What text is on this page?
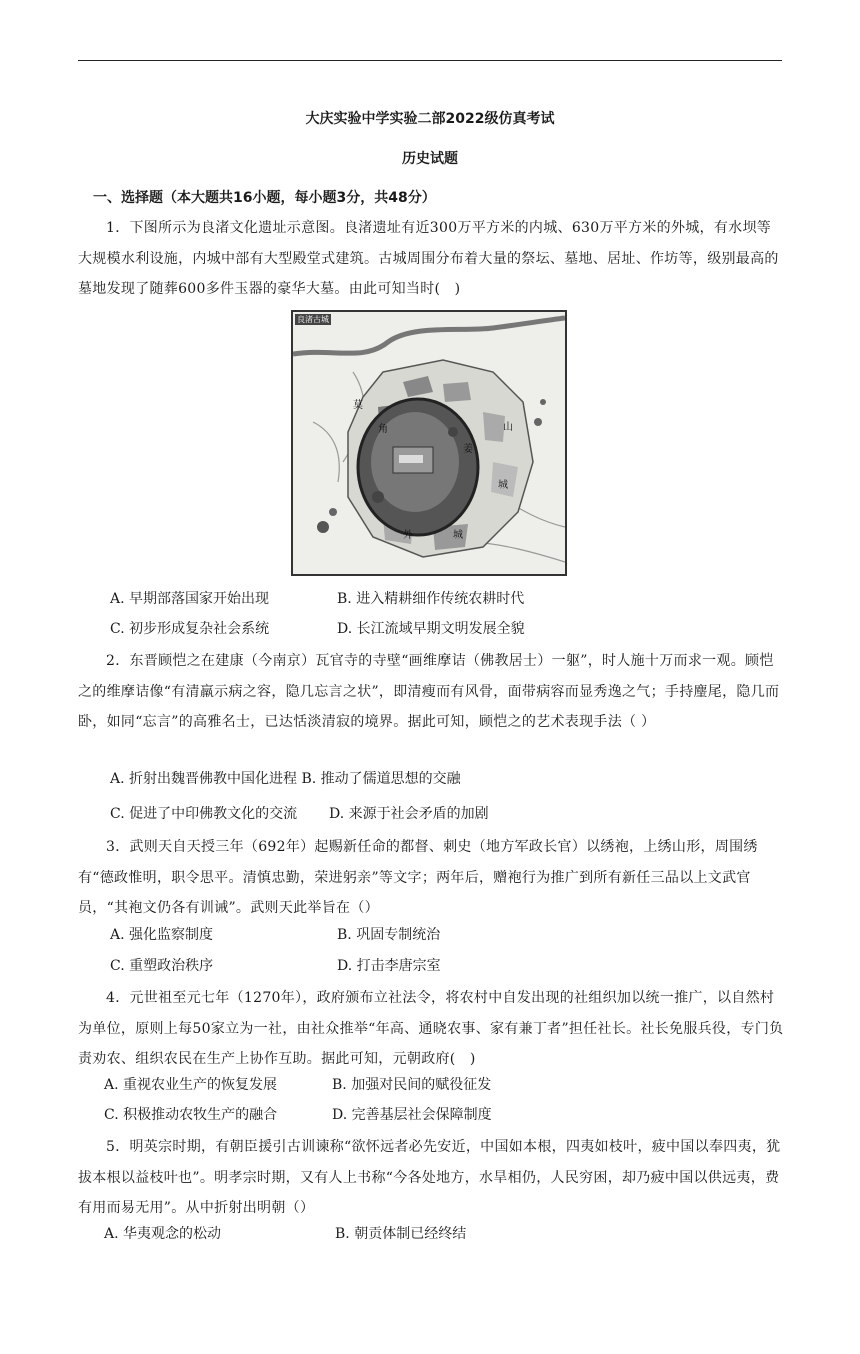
大庆实验中学实验二部2022级仿真考试
历史试题
一、选择题（本大题共16小题，每小题3分，共48分）

1．下图所示为良渚文化遗址示意图。良渚遗址有近300万平方米的内城、630万平方米的外城，有水坝等大规模水利设施，内城中部有大型殿堂式建筑。古城周围分布着大量的祭坛、墓地、居址、作坊等，级别最高的墓地发现了随葬600多件玉器的豪华大墓。由此可知当时(　)

莫
角	山
姜
城
外	城
良渚古城
A. 早期部落国家开始出现	B. 进入精耕细作传统农耕时代
C. 初步形成复杂社会系统	D. 长江流域早期文明发展全貌

2．东晋顾恺之在建康（今南京）瓦官寺的寺壁“画维摩诘（佛教居士）一躯”，时人施十万而求一观。顾恺之的维摩诘像“有清羸示病之容，隐几忘言之状”，即清瘦而有风骨，面带病容而显秀逸之气；手持麈尾，隐几而卧，如同“忘言”的高雅名士，已达恬淡清寂的境界。据此可知，顾恺之的艺术表现手法（ ）

A. 折射出魏晋佛教中国化进程 B. 推动了儒道思想的交融
C. 促进了中印佛教文化的交流 D. 来源于社会矛盾的加剧

3．武则天自天授三年（692年）起赐新任命的都督、刺史（地方军政长官）以绣袍，上绣山形，周围绣有“德政惟明，职令思平。清慎忠勤，荣进躬亲”等文字；两年后，赠袍行为推广到所有新任三品以上文武官员，“其袍文仍各有训诫”。武则天此举旨在（）

A. 强化监察制度	B. 巩固专制统治
C. 重塑政治秩序	D. 打击李唐宗室

4．元世祖至元七年（1270年），政府颁布立社法令，将农村中自发出现的社组织加以统一推广，以自然村为单位，原则上每50家立为一社，由社众推举“年高、通晓农事、家有兼丁者”担任社长。社长免服兵役，专门负责劝农、组织农民在生产上协作互助。据此可知，元朝政府(　)

A. 重视农业生产的恢复发展	B. 加强对民间的赋役征发
C. 积极推动农牧生产的融合	D. 完善基层社会保障制度

5．明英宗时期，有朝臣援引古训谏称“欲怀远者必先安近，中国如本根，四夷如枝叶，疲中国以奉四夷，犹拔本根以益枝叶也”。明孝宗时期，又有人上书称“今各处地方，水旱相仍，人民穷困，却乃疲中国以供远夷，费有用而易无用”。从中折射出明朝（）

A. 华夷观念的松动	B. 朝贡体制已经终结
